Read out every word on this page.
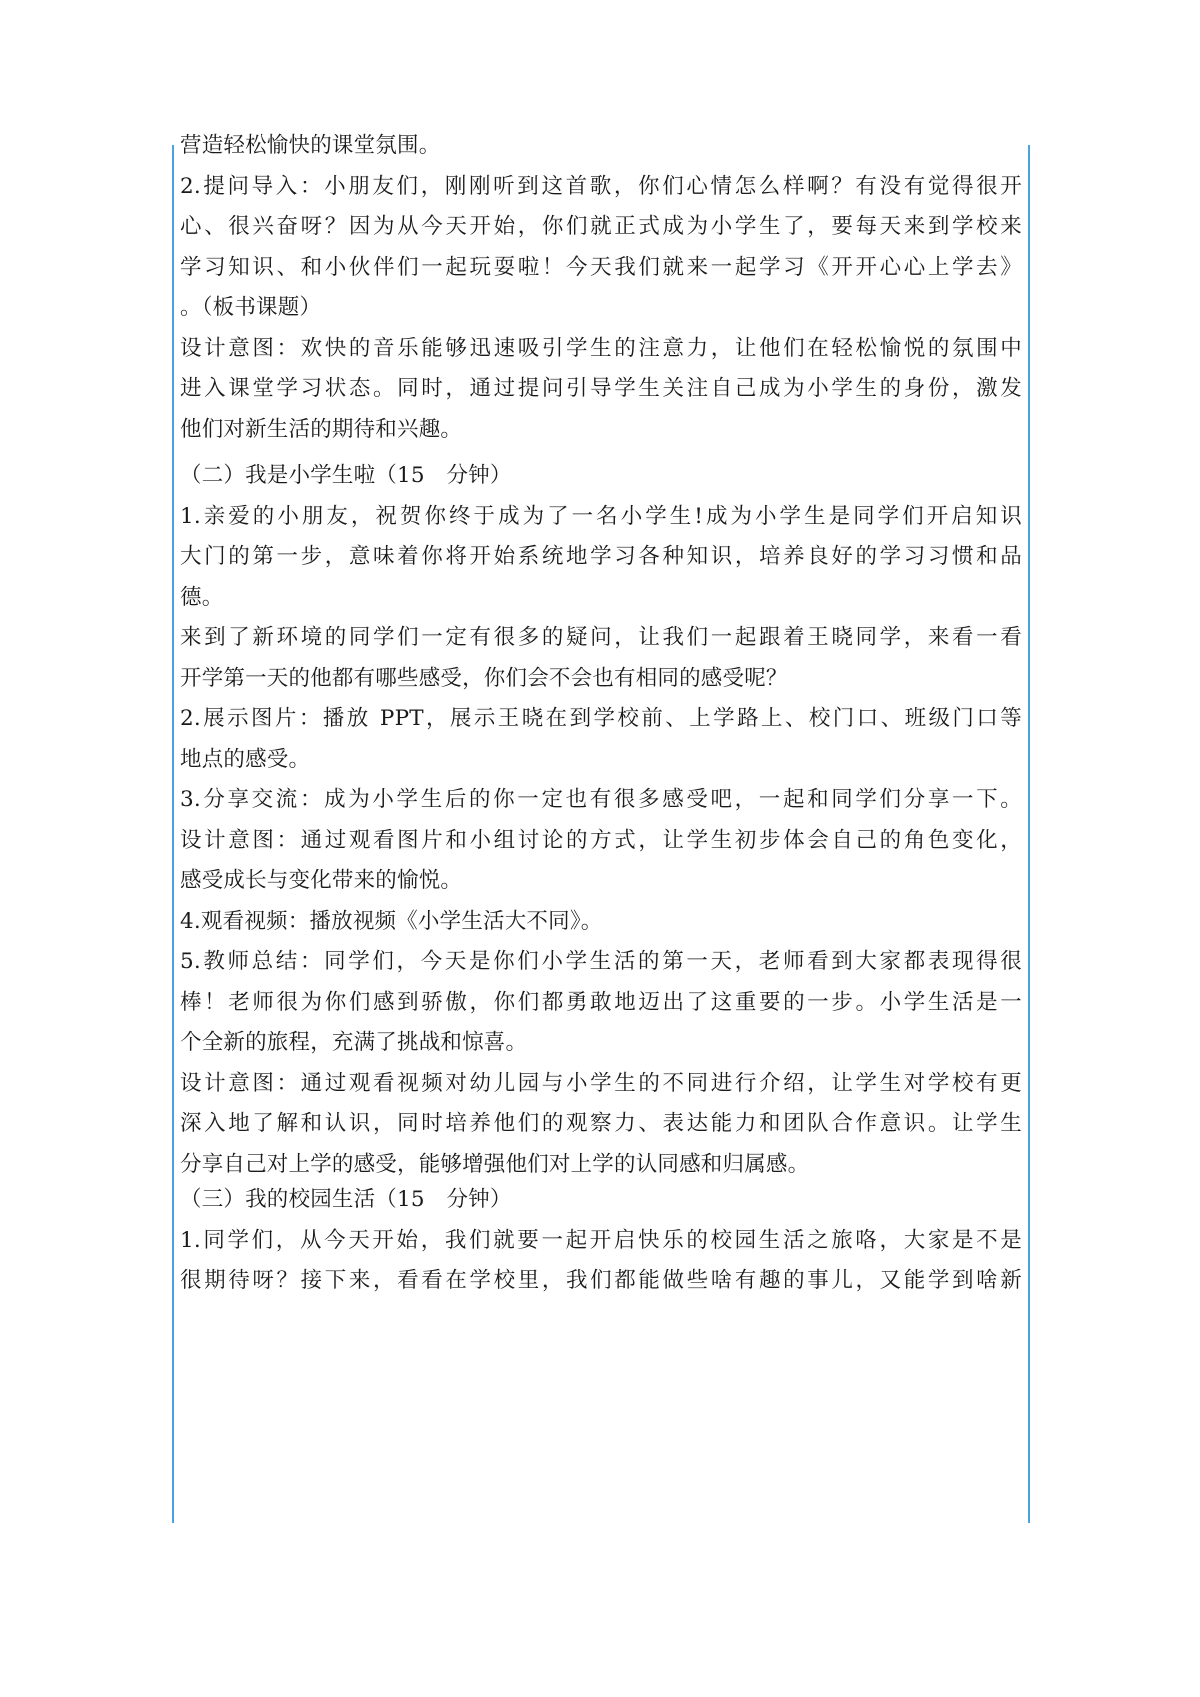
营造轻松愉快的课堂氛围。

2.提问导入：小朋友们，刚刚听到这首歌，你们心情怎么样啊？有没有觉得很开

心、很兴奋呀？因为从今天开始，你们就正式成为小学生了，要每天来到学校来

学习知识、和小伙伴们一起玩耍啦！今天我们就来一起学习《开开心心上学去》

。（板书课题）

设计意图：欢快的音乐能够迅速吸引学生的注意力，让他们在轻松愉悦的氛围中

进入课堂学习状态。同时，通过提问引导学生关注自己成为小学生的身份，激发

他们对新生活的期待和兴趣。

（二）我是小学生啦（15　分钟）

1.亲爱的小朋友，祝贺你终于成为了一名小学生!成为小学生是同学们开启知识

大门的第一步，意味着你将开始系统地学习各种知识，培养良好的学习习惯和品

德。

来到了新环境的同学们一定有很多的疑问，让我们一起跟着王晓同学，来看一看

开学第一天的他都有哪些感受，你们会不会也有相同的感受呢？

2.展示图片：播放 PPT，展示王晓在到学校前、上学路上、校门口、班级门口等

地点的感受。

3.分享交流：成为小学生后的你一定也有很多感受吧，一起和同学们分享一下。

设计意图：通过观看图片和小组讨论的方式，让学生初步体会自己的角色变化，

感受成长与变化带来的愉悦。

4.观看视频：播放视频《小学生活大不同》。

5.教师总结：同学们，今天是你们小学生活的第一天，老师看到大家都表现得很

棒！老师很为你们感到骄傲，你们都勇敢地迈出了这重要的一步。小学生活是一

个全新的旅程，充满了挑战和惊喜。

设计意图：通过观看视频对幼儿园与小学生的不同进行介绍，让学生对学校有更

深入地了解和认识，同时培养他们的观察力、表达能力和团队合作意识。让学生

分享自己对上学的感受，能够增强他们对上学的认同感和归属感。

（三）我的校园生活（15　分钟）

1.同学们，从今天开始，我们就要一起开启快乐的校园生活之旅咯，大家是不是

很期待呀？接下来，看看在学校里，我们都能做些啥有趣的事儿，又能学到啥新
